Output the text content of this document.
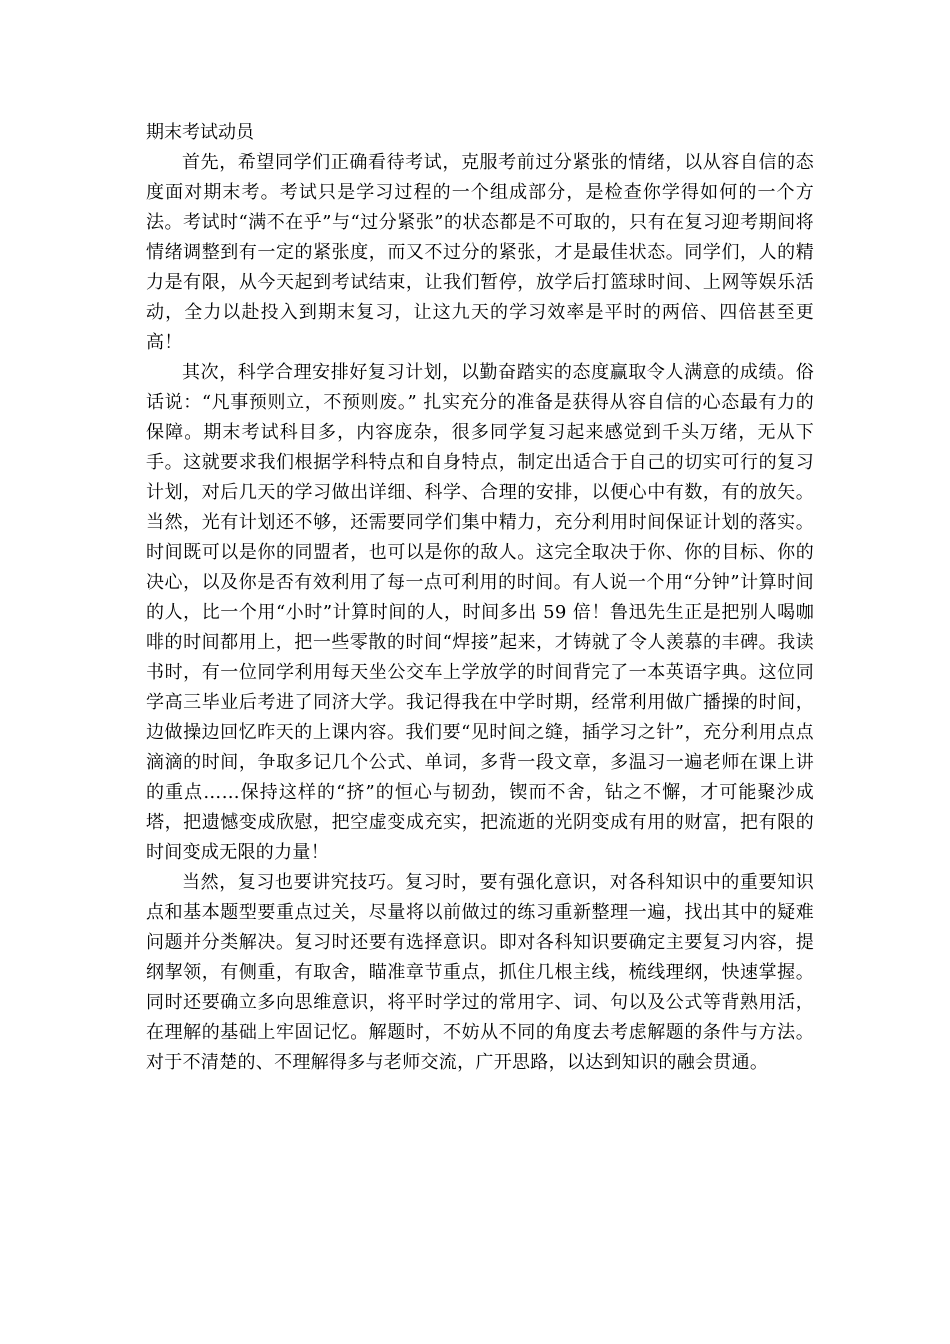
期末考试动员

首先，希望同学们正确看待考试，克服考前过分紧张的情绪，以从容自信的态度面对期末考。考试只是学习过程的一个组成部分，是检查你学得如何的一个方法。考试时“满不在乎”与“过分紧张”的状态都是不可取的，只有在复习迎考期间将情绪调整到有一定的紧张度，而又不过分的紧张，才是最佳状态。同学们，人的精力是有限，从今天起到考试结束，让我们暂停，放学后打篮球时间、上网等娱乐活动，全力以赴投入到期末复习，让这九天的学习效率是平时的两倍、四倍甚至更高！

其次，科学合理安排好复习计划，以勤奋踏实的态度赢取令人满意的成绩。俗话说：“凡事预则立，不预则废。” 扎实充分的准备是获得从容自信的心态最有力的保障。期末考试科目多，内容庞杂，很多同学复习起来感觉到千头万绪，无从下手。这就要求我们根据学科特点和自身特点，制定出适合于自己的切实可行的复习计划，对后几天的学习做出详细、科学、合理的安排，以便心中有数，有的放矢。当然，光有计划还不够，还需要同学们集中精力，充分利用时间保证计划的落实。时间既可以是你的同盟者，也可以是你的敌人。这完全取决于你、你的目标、你的决心，以及你是否有效利用了每一点可利用的时间。有人说一个用“分钟”计算时间的人，比一个用“小时”计算时间的人，时间多出 59 倍！鲁迅先生正是把别人喝咖啡的时间都用上，把一些零散的时间“焊接”起来，才铸就了令人羡慕的丰碑。我读书时，有一位同学利用每天坐公交车上学放学的时间背完了一本英语字典。这位同学高三毕业后考进了同济大学。我记得我在中学时期，经常利用做广播操的时间，边做操边回忆昨天的上课内容。我们要“见时间之缝，插学习之针”，充分利用点点滴滴的时间，争取多记几个公式、单词，多背一段文章，多温习一遍老师在课上讲的重点……保持这样的“挤”的恒心与韧劲，锲而不舍，钻之不懈，才可能聚沙成塔，把遗憾变成欣慰，把空虚变成充实，把流逝的光阴变成有用的财富，把有限的时间变成无限的力量！

当然，复习也要讲究技巧。复习时，要有强化意识，对各科知识中的重要知识点和基本题型要重点过关，尽量将以前做过的练习重新整理一遍，找出其中的疑难问题并分类解决。复习时还要有选择意识。即对各科知识要确定主要复习内容，提纲挈领，有侧重，有取舍，瞄准章节重点，抓住几根主线，梳线理纲，快速掌握。同时还要确立多向思维意识，将平时学过的常用字、词、句以及公式等背熟用活，在理解的基础上牢固记忆。解题时，不妨从不同的角度去考虑解题的条件与方法。对于不清楚的、不理解得多与老师交流，广开思路，以达到知识的融会贯通。
